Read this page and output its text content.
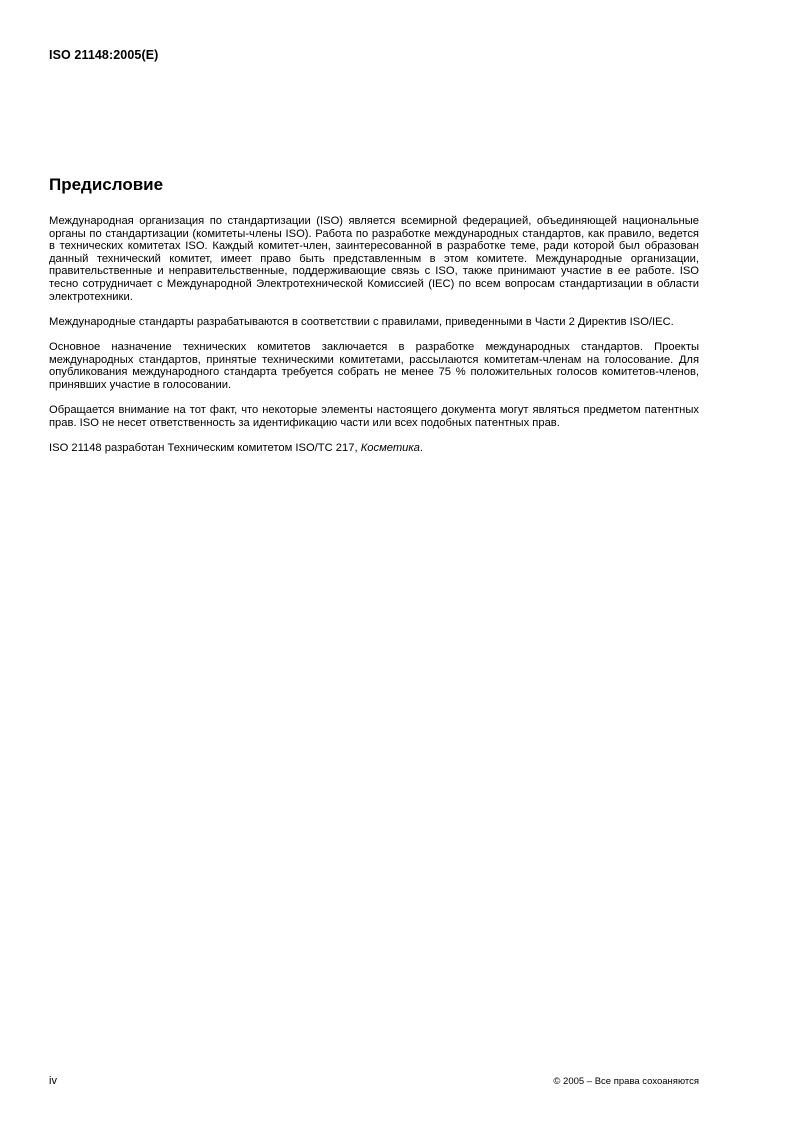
ISO 21148:2005(E)
Предисловие

Международная организация по стандартизации (ISO) является всемирной федерацией, объединяющей национальные органы по стандартизации (комитеты-члены ISO). Работа по разработке международных стандартов, как правило, ведется в технических комитетах ISO. Каждый комитет-член, заинтересованной в разработке теме, ради которой был образован данный технический комитет, имеет право быть представленным в этом комитете. Международные организации, правительственные и неправительственные, поддерживающие связь с ISO, также принимают участие в ее работе. ISO тесно сотрудничает с Международной Электротехнической Комиссией (IEC) по всем вопросам стандартизации в области электротехники.

Международные стандарты разрабатываются в соответствии с правилами, приведенными в Части 2 Директив ISO/IEC.

Основное назначение технических комитетов заключается в разработке международных стандартов. Проекты международных стандартов, принятые техническими комитетами, рассылаются комитетам-членам на голосование. Для опубликования международного стандарта требуется собрать не менее 75 % положительных голосов комитетов-членов, принявших участие в голосовании.

Обращается внимание на тот факт, что некоторые элементы настоящего документа могут являться предметом патентных прав. ISO не несет ответственность за идентификацию части или всех подобных патентных прав.

ISO 21148 разработан Техническим комитетом ISO/TC 217, Косметика.

iv	© 2005 – Все права сохоаняются
